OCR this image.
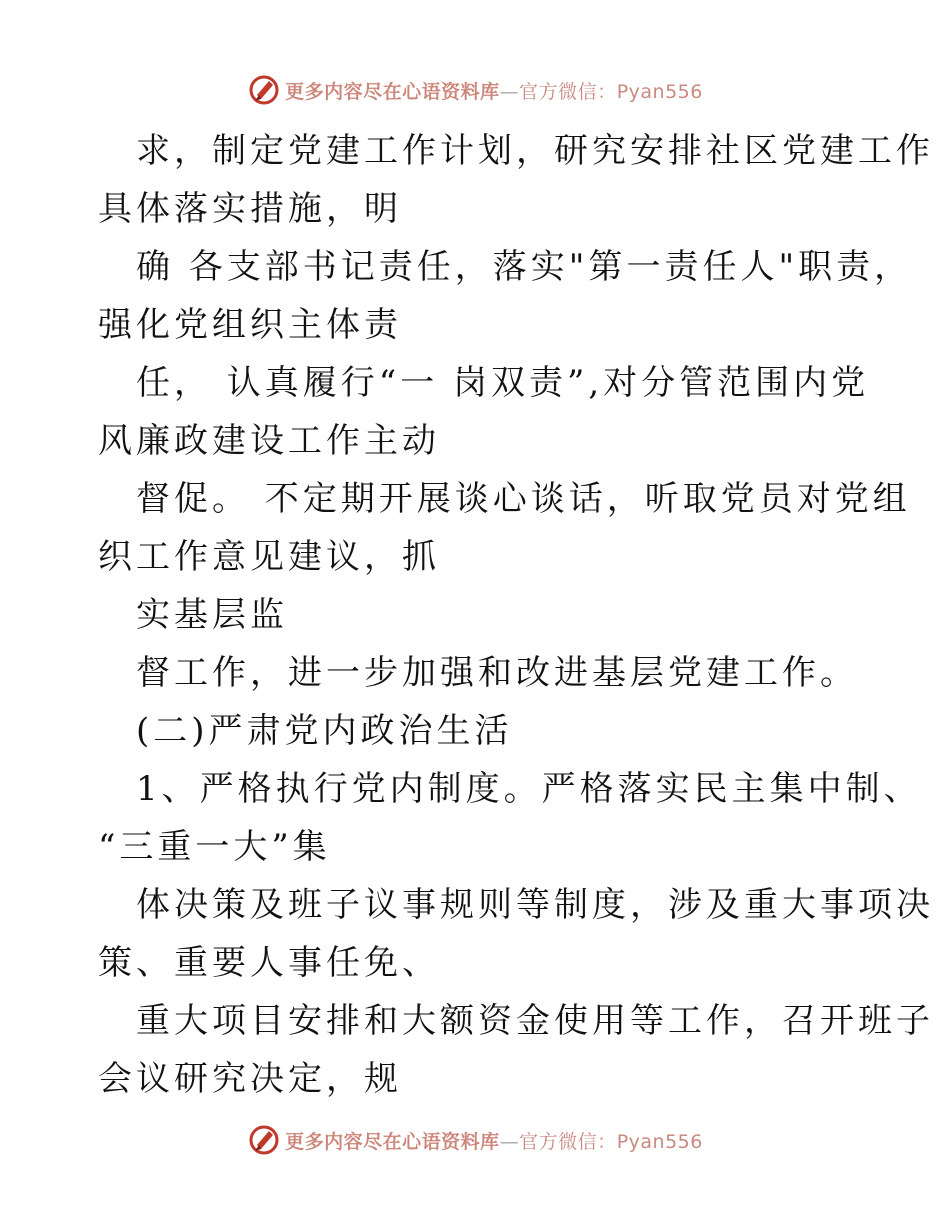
更多内容尽在心语资料库—官方微信：Pyan556
求，制定党建工作计划，研究安排社区党建工作
具体落实措施，明
确 各支部书记责任，落实"第一责任人"职责，
强化党组织主体责
任， 认真履行“一 岗双责”,对分管范围内党
风廉政建设工作主动
督促。 不定期开展谈心谈话，听取党员对党组
织工作意见建议，抓
实基层监
督工作，进一步加强和改进基层党建工作。
(二)严肃党内政治生活
1、严格执行党内制度。严格落实民主集中制、
“三重一大”集
体决策及班子议事规则等制度，涉及重大事项决
策、重要人事任免、
重大项目安排和大额资金使用等工作，召开班子
会议研究决定，规
更多内容尽在心语资料库—官方微信：Pyan556
